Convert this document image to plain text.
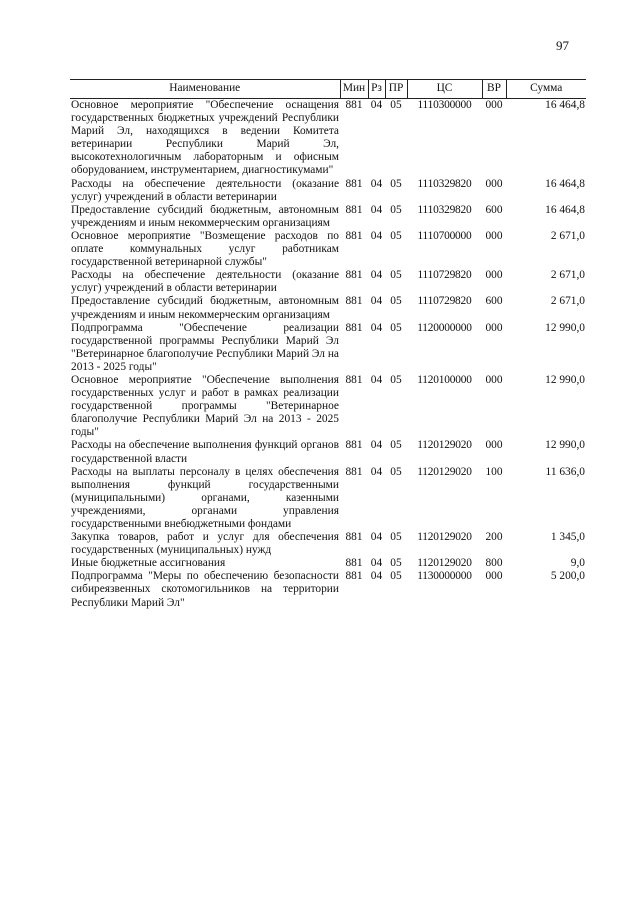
97
Наименование	Мин	Рз	ПР	ЦС	ВР	Сумма
Основное мероприятие "Обеспечение оснащения государственных бюджетных учреждений Республики Марий Эл, находящихся в ведении Комитета ветеринарии Республики Марий Эл, высокотехнологичным лабораторным и офисным оборудованием, инструментарием, диагностикумами"	881	04	05	1110300000	000	16 464,8
Расходы на обеспечение деятельности (оказание услуг) учреждений в области ветеринарии	881	04	05	1110329820	000	16 464,8
Предоставление субсидий бюджетным, автономным учреждениям и иным некоммерческим организациям	881	04	05	1110329820	600	16 464,8
Основное мероприятие "Возмещение расходов по оплате коммунальных услуг работникам государственной ветеринарной службы"	881	04	05	1110700000	000	2 671,0
Расходы на обеспечение деятельности (оказание услуг) учреждений в области ветеринарии	881	04	05	1110729820	000	2 671,0
Предоставление субсидий бюджетным, автономным учреждениям и иным некоммерческим организациям	881	04	05	1110729820	600	2 671,0
Подпрограмма "Обеспечение реализации государственной программы Республики Марий Эл "Ветеринарное благополучие Республики Марий Эл на 2013 - 2025 годы"	881	04	05	1120000000	000	12 990,0
Основное мероприятие "Обеспечение выполнения государственных услуг и работ в рамках реализации государственной программы "Ветеринарное благополучие Республики Марий Эл на 2013 - 2025 годы"	881	04	05	1120100000	000	12 990,0
Расходы на обеспечение выполнения функций органов государственной власти	881	04	05	1120129020	000	12 990,0
Расходы на выплаты персоналу в целях обеспечения выполнения функций государственными (муниципальными) органами, казенными учреждениями, органами управления государственными внебюджетными фондами	881	04	05	1120129020	100	11 636,0
Закупка товаров, работ и услуг для обеспечения государственных (муниципальных) нужд	881	04	05	1120129020	200	1 345,0
Иные бюджетные ассигнования	881	04	05	1120129020	800	9,0
Подпрограмма "Меры по обеспечению безопасности сибиреязвенных скотомогильников на территории Республики Марий Эл"	881	04	05	1130000000	000	5 200,0
